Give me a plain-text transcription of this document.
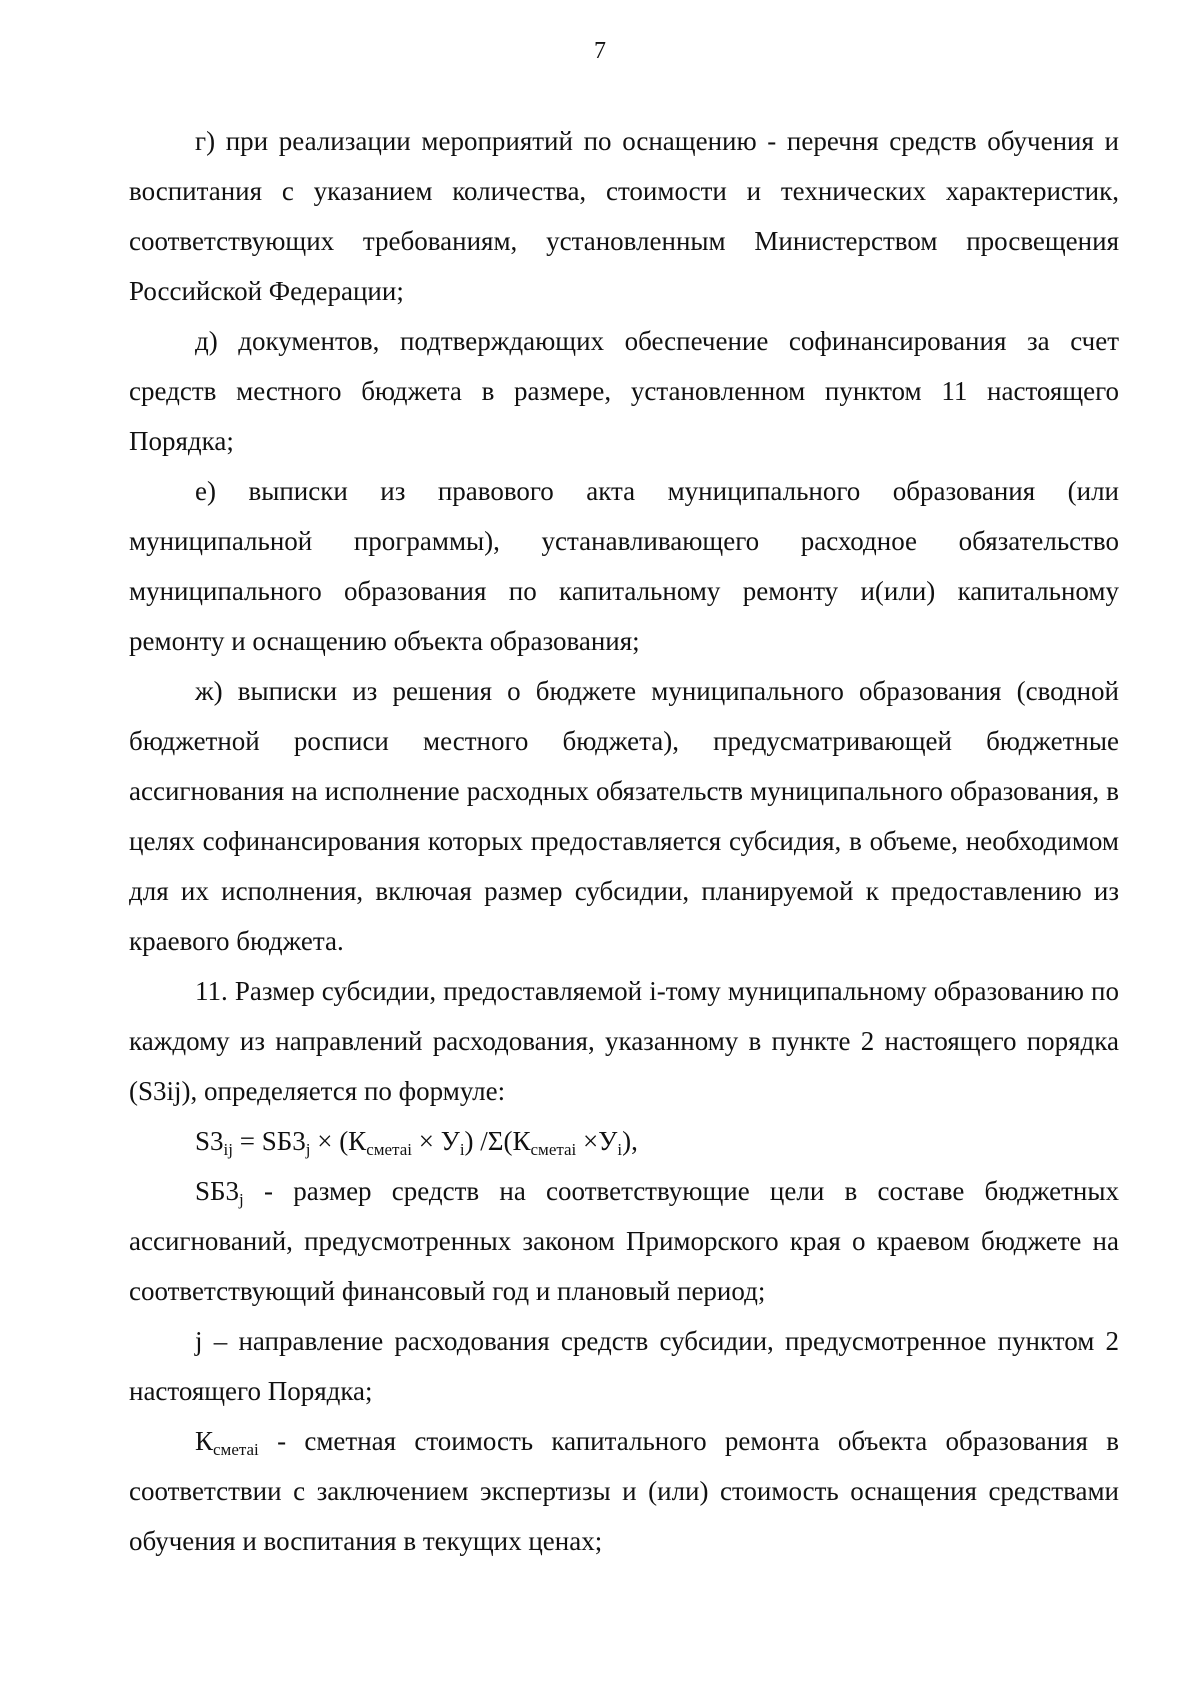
7

г) при реализации мероприятий по оснащению - перечня средств обучения и воспитания с указанием количества, стоимости и технических характеристик, соответствующих требованиям, установленным Министерством просвещения Российской Федерации;

д) документов, подтверждающих обеспечение софинансирования за счет средств местного бюджета в размере, установленном пунктом 11 настоящего Порядка;

е) выписки из правового акта муниципального образования (или муниципальной программы), устанавливающего расходное обязательство муниципального образования по капитальному ремонту и(или) капитальному ремонту и оснащению объекта образования;

ж) выписки из решения о бюджете муниципального образования (сводной бюджетной росписи местного бюджета), предусматривающей бюджетные ассигнования на исполнение расходных обязательств муниципального образования, в целях софинансирования которых предоставляется субсидия, в объеме, необходимом для их исполнения, включая размер субсидии, планируемой к предоставлению из краевого бюджета.

11. Размер субсидии, предоставляемой i-тому муниципальному образованию по каждому из направлений расходования, указанному в пункте 2 настоящего порядка (S3ij), определяется по формуле:

$S3_{ij} = SБ3_j \times (К_{сметаi} \times У_i)$ $/\Sigma(К_{сметаi} \times У_i)$,

$SБ3_j$ - размер средств на соответствующие цели в составе бюджетных ассигнований, предусмотренных законом Приморского края о краевом бюджете на соответствующий финансовый год и плановый период;

j – направление расходования средств субсидии, предусмотренное пунктом 2 настоящего Порядка;

$К_{сметаi}$ - сметная стоимость капитального ремонта объекта образования в соответствии с заключением экспертизы и (или) стоимость оснащения средствами обучения и воспитания в текущих ценах;
